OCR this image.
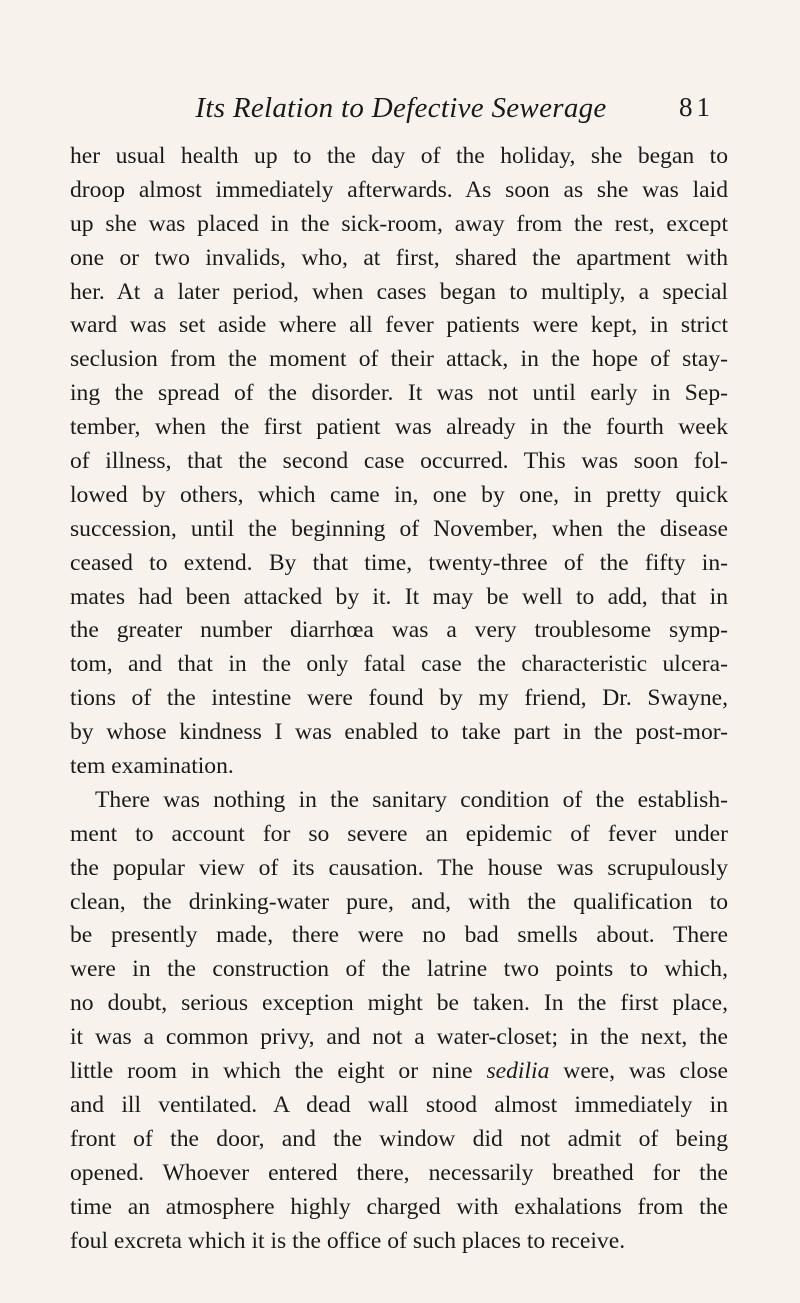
Its Relation to Defective Sewerage	81
her usual health up to the day of the holiday, she began to
droop almost immediately afterwards. As soon as she was laid
up she was placed in the sick-room, away from the rest, except
one or two invalids, who, at first, shared the apartment with
her. At a later period, when cases began to multiply, a special
ward was set aside where all fever patients were kept, in strict
seclusion from the moment of their attack, in the hope of stay-
ing the spread of the disorder. It was not until early in Sep-
tember, when the first patient was already in the fourth week
of illness, that the second case occurred. This was soon fol-
lowed by others, which came in, one by one, in pretty quick
succession, until the beginning of November, when the disease
ceased to extend. By that time, twenty-three of the fifty in-
mates had been attacked by it. It may be well to add, that in
the greater number diarrhœa was a very troublesome symp-
tom, and that in the only fatal case the characteristic ulcera-
tions of the intestine were found by my friend, Dr. Swayne,
by whose kindness I was enabled to take part in the post-mor-
tem examination.
There was nothing in the sanitary condition of the establish-
ment to account for so severe an epidemic of fever under
the popular view of its causation. The house was scrupulously
clean, the drinking-water pure, and, with the qualification to
be presently made, there were no bad smells about. There
were in the construction of the latrine two points to which,
no doubt, serious exception might be taken. In the first place,
it was a common privy, and not a water-closet; in the next, the
little room in which the eight or nine sedilia were, was close
and ill ventilated. A dead wall stood almost immediately in
front of the door, and the window did not admit of being
opened. Whoever entered there, necessarily breathed for the
time an atmosphere highly charged with exhalations from the
foul excreta which it is the office of such places to receive.
